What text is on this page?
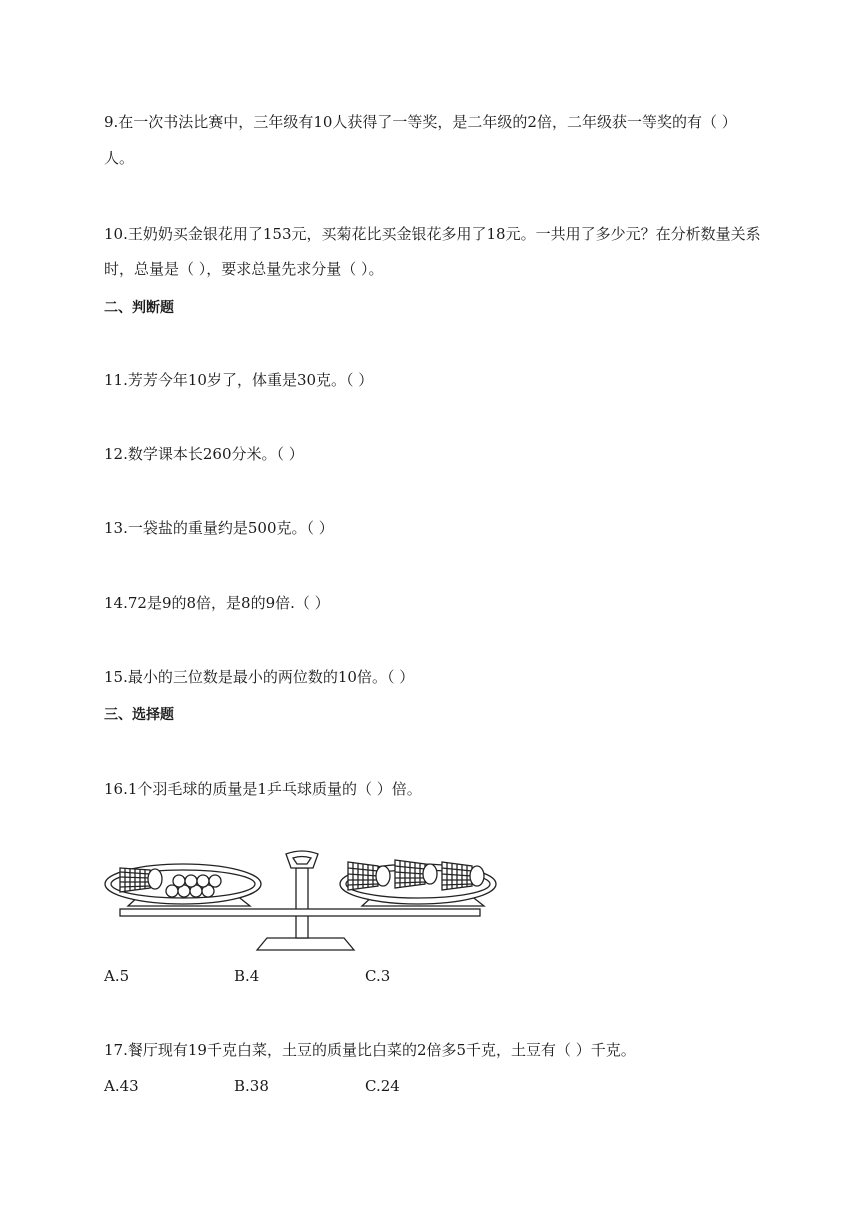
9.在一次书法比赛中，三年级有10人获得了一等奖，是二年级的2倍，二年级获一等奖的有（ ）
人。
10.王奶奶买金银花用了153元，买菊花比买金银花多用了18元。一共用了多少元？在分析数量关系
时，总量是（ ），要求总量先求分量（ ）。
二、判断题
11.芳芳今年10岁了，体重是30克。（ ）
12.数学课本长260分米。（ ）
13.一袋盐的重量约是500克。（ ）
14.72是9的8倍，是8的9倍.（ ）
15.最小的三位数是最小的两位数的10倍。（ ）
三、选择题
16.1个羽毛球的质量是1乒乓球质量的（ ）倍。
A.5	B.4	C.3
17.餐厅现有19千克白菜，土豆的质量比白菜的2倍多5千克，土豆有（ ）千克。
A.43	B.38	C.24
